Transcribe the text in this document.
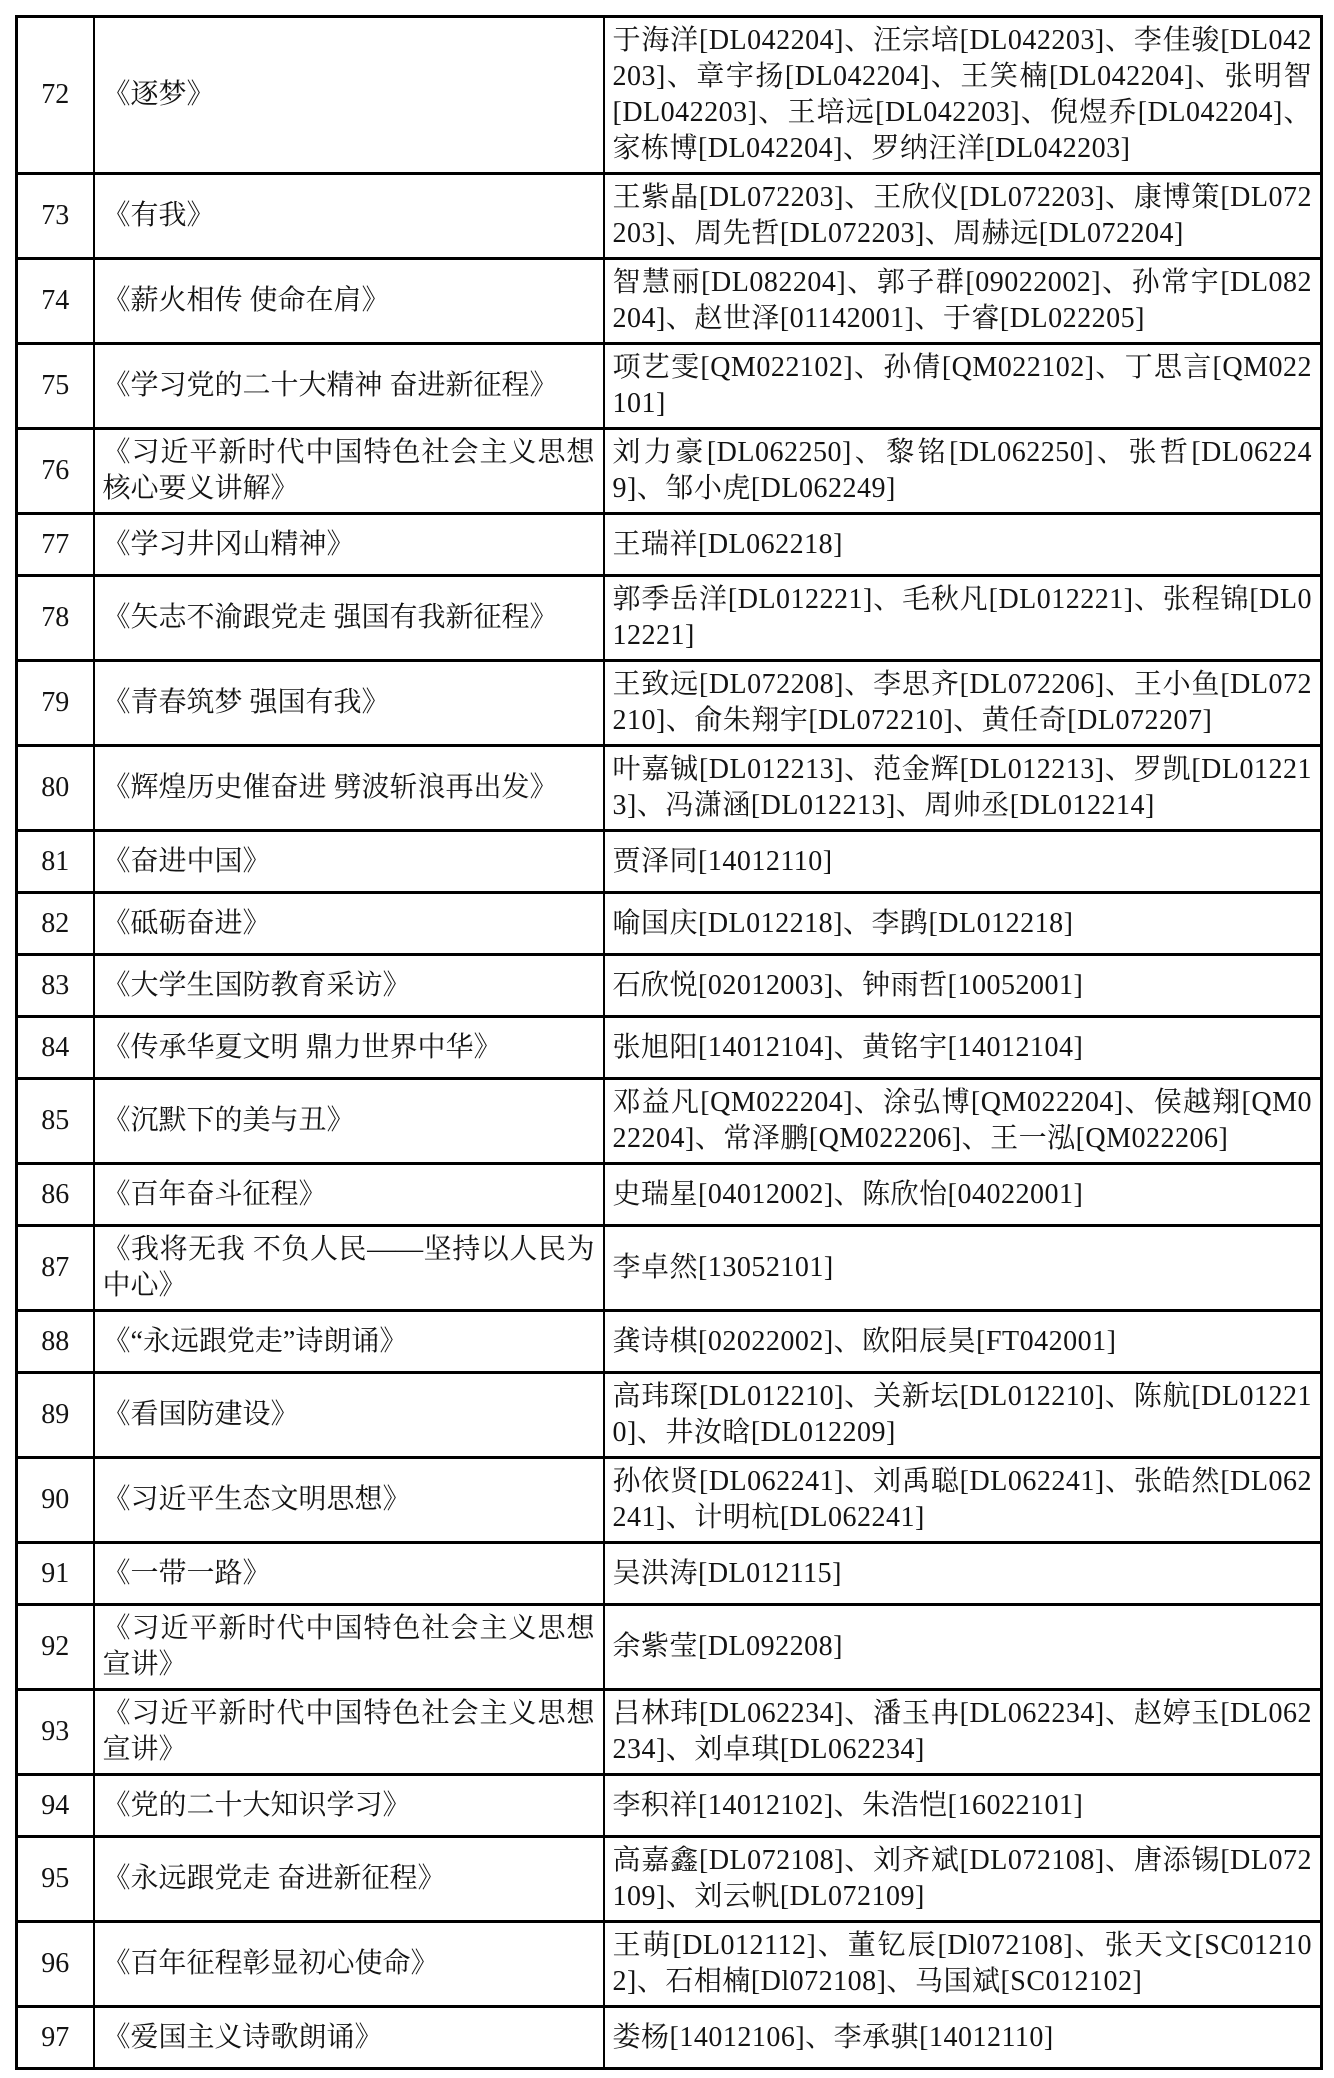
72	《逐梦》	于海洋[DL042204]、汪宗培[DL042203]、李佳骏[DL042203]、章宇扬[DL042204]、王笑楠[DL042204]、张明智[DL042203]、王培远[DL042203]、倪煜乔[DL042204]、家栋博[DL042204]、罗纳汪洋[DL042203]
73	《有我》	王紫晶[DL072203]、王欣仪[DL072203]、康博策[DL072203]、周先哲[DL072203]、周赫远[DL072204]
74	《薪火相传 使命在肩》	智慧丽[DL082204]、郭子群[09022002]、孙常宇[DL082204]、赵世泽[01142001]、于睿[DL022205]
75	《学习党的二十大精神 奋进新征程》	项艺雯[QM022102]、孙倩[QM022102]、丁思言[QM022101]
76	《习近平新时代中国特色社会主义思想核心要义讲解》	刘力豪[DL062250]、黎铭[DL062250]、张哲[DL062249]、邹小虎[DL062249]
77	《学习井冈山精神》	王瑞祥[DL062218]
78	《矢志不渝跟党走 强国有我新征程》	郭季岳洋[DL012221]、毛秋凡[DL012221]、张程锦[DL012221]
79	《青春筑梦 强国有我》	王致远[DL072208]、李思齐[DL072206]、王小鱼[DL072210]、俞朱翔宇[DL072210]、黄任奇[DL072207]
80	《辉煌历史催奋进 劈波斩浪再出发》	叶嘉铖[DL012213]、范金辉[DL012213]、罗凯[DL012213]、冯潇涵[DL012213]、周帅丞[DL012214]
81	《奋进中国》	贾泽同[14012110]
82	《砥砺奋进》	喻国庆[DL012218]、李鹍[DL012218]
83	《大学生国防教育采访》	石欣悦[02012003]、钟雨哲[10052001]
84	《传承华夏文明 鼎力世界中华》	张旭阳[14012104]、黄铭宇[14012104]
85	《沉默下的美与丑》	邓益凡[QM022204]、涂弘博[QM022204]、侯越翔[QM022204]、常泽鹏[QM022206]、王一泓[QM022206]
86	《百年奋斗征程》	史瑞星[04012002]、陈欣怡[04022001]
87	《我将无我 不负人民——坚持以人民为中心》	李卓然[13052101]
88	《“永远跟党走”诗朗诵》	龚诗棋[02022002]、欧阳辰昊[FT042001]
89	《看国防建设》	高玮琛[DL012210]、关新坛[DL012210]、陈航[DL012210]、井汝晗[DL012209]
90	《习近平生态文明思想》	孙依贤[DL062241]、刘禹聪[DL062241]、张皓然[DL062241]、计明杭[DL062241]
91	《一带一路》	吴洪涛[DL012115]
92	《习近平新时代中国特色社会主义思想宣讲》	余紫莹[DL092208]
93	《习近平新时代中国特色社会主义思想宣讲》	吕林玮[DL062234]、潘玉冉[DL062234]、赵婷玉[DL062234]、刘卓琪[DL062234]
94	《党的二十大知识学习》	李积祥[14012102]、朱浩恺[16022101]
95	《永远跟党走 奋进新征程》	高嘉鑫[DL072108]、刘齐斌[DL072108]、唐添锡[DL072109]、刘云帆[DL072109]
96	《百年征程彰显初心使命》	王萌[DL012112]、董钇辰[Dl072108]、张天文[SC012102]、石相楠[Dl072108]、马国斌[SC012102]
97	《爱国主义诗歌朗诵》	娄杨[14012106]、李承骐[14012110]
